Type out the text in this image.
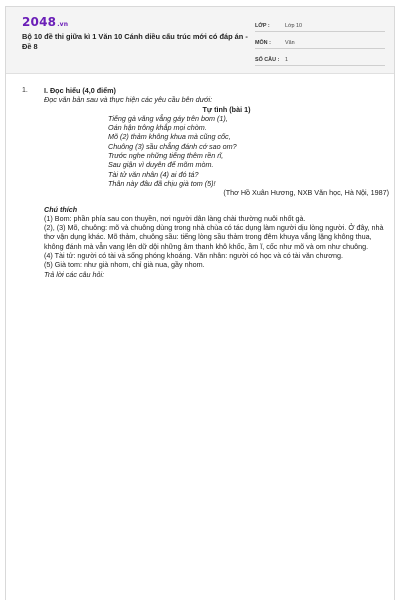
2048.vn
Bộ 10 đề thi giữa kì 1 Văn 10 Cánh diều cấu trúc mới có đáp án - Đề 8
LỚP :	Lớp 10
MÔN :	Văn
SỐ CÂU :	1
1. I. Đọc hiểu (4,0 điểm)

Đọc văn bản sau và thực hiện các yêu cầu bên dưới:

Tự tình (bài 1)

Tiếng gà văng vẳng gáy trên bom (1),

Oán hận trông khắp mọi chòm.

Mõ (2) thảm không khua mà cũng cốc,

Chuông (3) sầu chẳng đánh cớ sao om?

Trước nghe những tiếng thêm rền rĩ,

Sau giận vì duyên để mõm mòm.

Tài tử văn nhân (4) ai đó tá?

Thân này đâu đã chịu già tom (5)!

(Thơ Hồ Xuân Hương, NXB Văn học, Hà Nội, 1987)

Chú thích

(1) Bom: phần phía sau con thuyền, nơi người dân làng chài thường nuôi nhốt gà.

(2), (3) Mõ, chuông: mõ và chuông dùng trong nhà chùa có tác dụng làm người dịu lòng người. Ở đây, nhà thơ vận dụng khác. Mõ thảm, chuông sầu: tiếng lòng sầu thảm trong đêm khuya vắng lặng không thua, không đánh mà vẫn vang lên dữ dội những âm thanh khô khốc, ầm ĩ, cốc như mõ và om như chuông.

(4) Tài tử: người có tài và sống phóng khoáng. Văn nhân: người có học và có tài văn chương.

(5) Già tom: như già nhom, chỉ già nua, gầy nhom.

Trả lời các câu hỏi:
